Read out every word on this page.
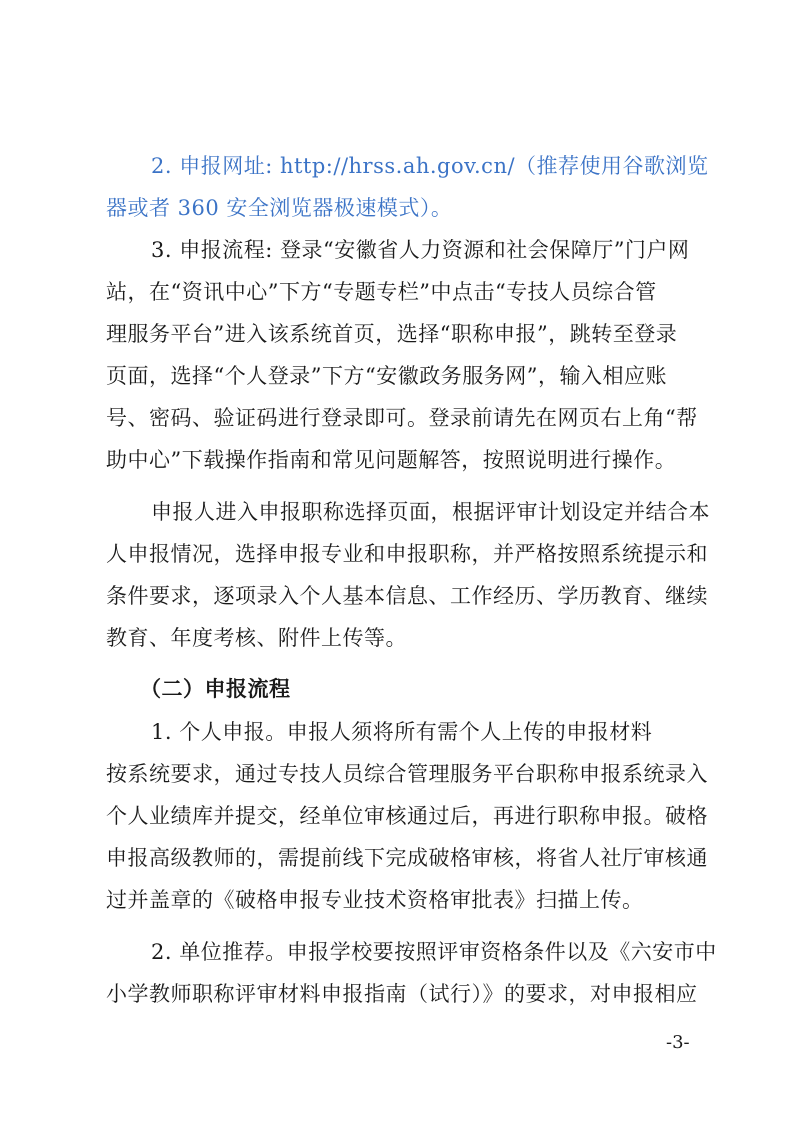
2. 申报网址: http://hrss.ah.gov.cn/（推荐使用谷歌浏览
器或者 360 安全浏览器极速模式）。
3. 申报流程: 登录“安徽省人力资源和社会保障厅”门户网
站，在“资讯中心”下方“专题专栏”中点击“专技人员综合管
理服务平台”进入该系统首页，选择“职称申报”，跳转至登录
页面，选择“个人登录”下方“安徽政务服务网”，输入相应账
号、密码、验证码进行登录即可。登录前请先在网页右上角“帮
助中心”下载操作指南和常见问题解答，按照说明进行操作。
申报人进入申报职称选择页面，根据评审计划设定并结合本
人申报情况，选择申报专业和申报职称，并严格按照系统提示和
条件要求，逐项录入个人基本信息、工作经历、学历教育、继续
教育、年度考核、附件上传等。
（二）申报流程
1. 个人申报。申报人须将所有需个人上传的申报材料
按系统要求，通过专技人员综合管理服务平台职称申报系统录入
个人业绩库并提交，经单位审核通过后，再进行职称申报。破格
申报高级教师的，需提前线下完成破格审核，将省人社厅审核通
过并盖章的《破格申报专业技术资格审批表》扫描上传。
2. 单位推荐。申报学校要按照评审资格条件以及《六安市中
小学教师职称评审材料申报指南（试行）》的要求，对申报相应
-3-
